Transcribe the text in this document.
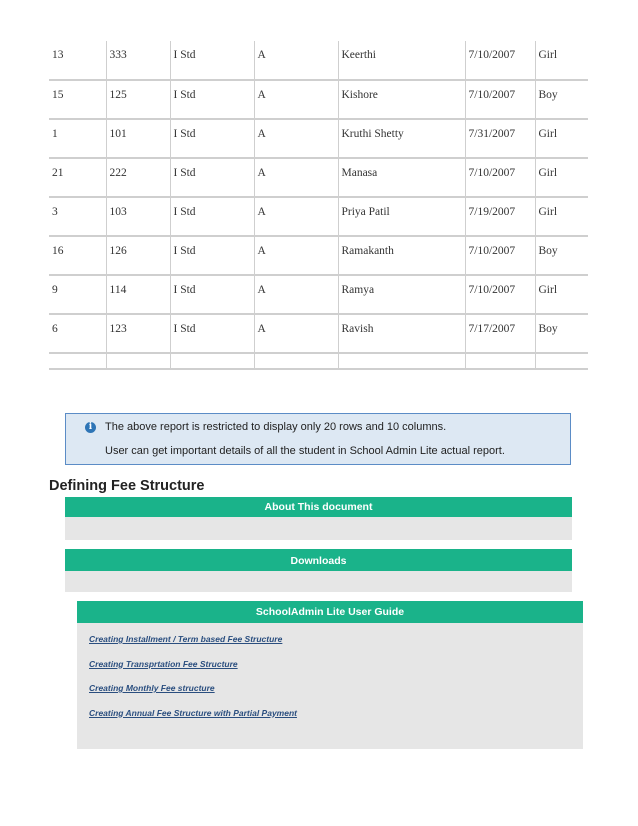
13	333	I Std	A	Keerthi	7/10/2007	Girl
15	125	I Std	A	Kishore	7/10/2007	Boy
1	101	I Std	A	Kruthi Shetty	7/31/2007	Girl
21	222	I Std	A	Manasa	7/10/2007	Girl
3	103	I Std	A	Priya Patil	7/19/2007	Girl
16	126	I Std	A	Ramakanth	7/10/2007	Boy
9	114	I Std	A	Ramya	7/10/2007	Girl
6	123	I Std	A	Ravish	7/17/2007	Boy

i	The above report is restricted to display only 20 rows and 10 columns.
User can get important details of all the student in School Admin Lite actual report.
Defining Fee Structure
About This document
Downloads
SchoolAdmin Lite User Guide
Creating Installment / Term based Fee Structure
Creating Transprtation Fee Structure
Creating Monthly Fee structure
Creating Annual Fee Structure with Partial Payment
